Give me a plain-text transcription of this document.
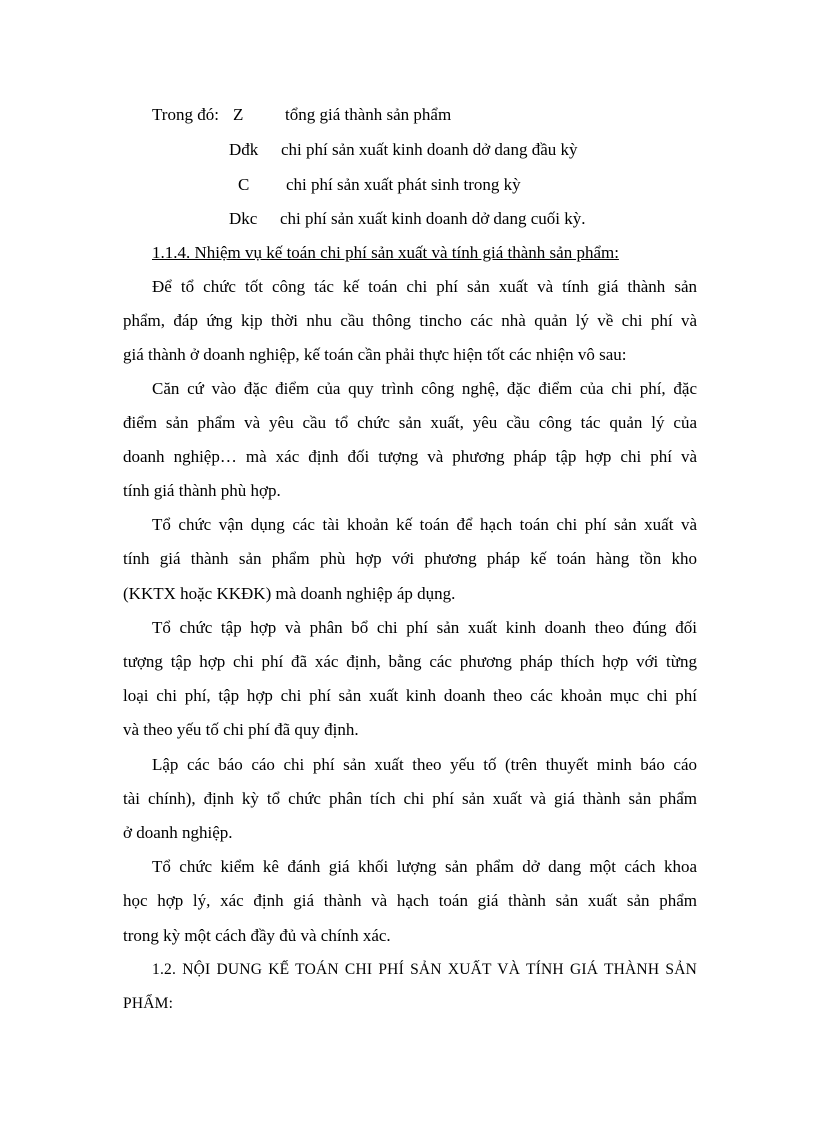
Trong đó: Z tổng giá thành sản phẩm
Dđk chi phí sản xuất kinh doanh dở dang đầu kỳ
C chi phí sản xuất phát sinh trong kỳ
Dkc chi phí sản xuất kinh doanh dở dang cuối kỳ.
1.1.4. Nhiệm vụ kế toán chi phí sản xuất và tính giá thành sản phẩm:
Để tổ chức tốt công tác kế toán chi phí sản xuất và tính giá thành sản
phẩm, đáp ứng kịp thời nhu cầu thông tincho các nhà quản lý về chi phí và
giá thành ở doanh nghiệp, kế toán cần phải thực hiện tốt các nhiện vô sau:
Căn cứ vào đặc điểm của quy trình công nghệ, đặc điểm của chi phí, đặc
điểm sản phẩm và yêu cầu tổ chức sản xuất, yêu cầu công tác quản lý của
doanh nghiệp… mà xác định đối tượng và phương pháp tập hợp chi phí và
tính giá thành phù hợp.
Tổ chức vận dụng các tài khoản kế toán để hạch toán chi phí sản xuất và
tính giá thành sản phẩm phù hợp với phương pháp kế toán hàng tồn kho
(KKTX hoặc KKĐK) mà doanh nghiệp áp dụng.
Tổ chức tập hợp và phân bổ chi phí sản xuất kinh doanh theo đúng đối
tượng tập hợp chi phí đã xác định, bằng các phương pháp thích hợp với từng
loại chi phí, tập hợp chi phí sản xuất kinh doanh theo các khoản mục chi phí
và theo yếu tố chi phí đã quy định.
Lập các báo cáo chi phí sản xuất theo yếu tố (trên thuyết minh báo cáo
tài chính), định kỳ tổ chức phân tích chi phí sản xuất và giá thành sản phẩm
ở doanh nghiệp.
Tổ chức kiểm kê đánh giá khối lượng sản phẩm dở dang một cách khoa
học hợp lý, xác định giá thành và hạch toán giá thành sản xuất sản phẩm
trong kỳ một cách đầy đủ và chính xác.
1.2. NỘI DUNG KẾ TOÁN CHI PHÍ SẢN XUẤT VÀ TÍNH GIÁ THÀNH SẢN
PHẨM:
